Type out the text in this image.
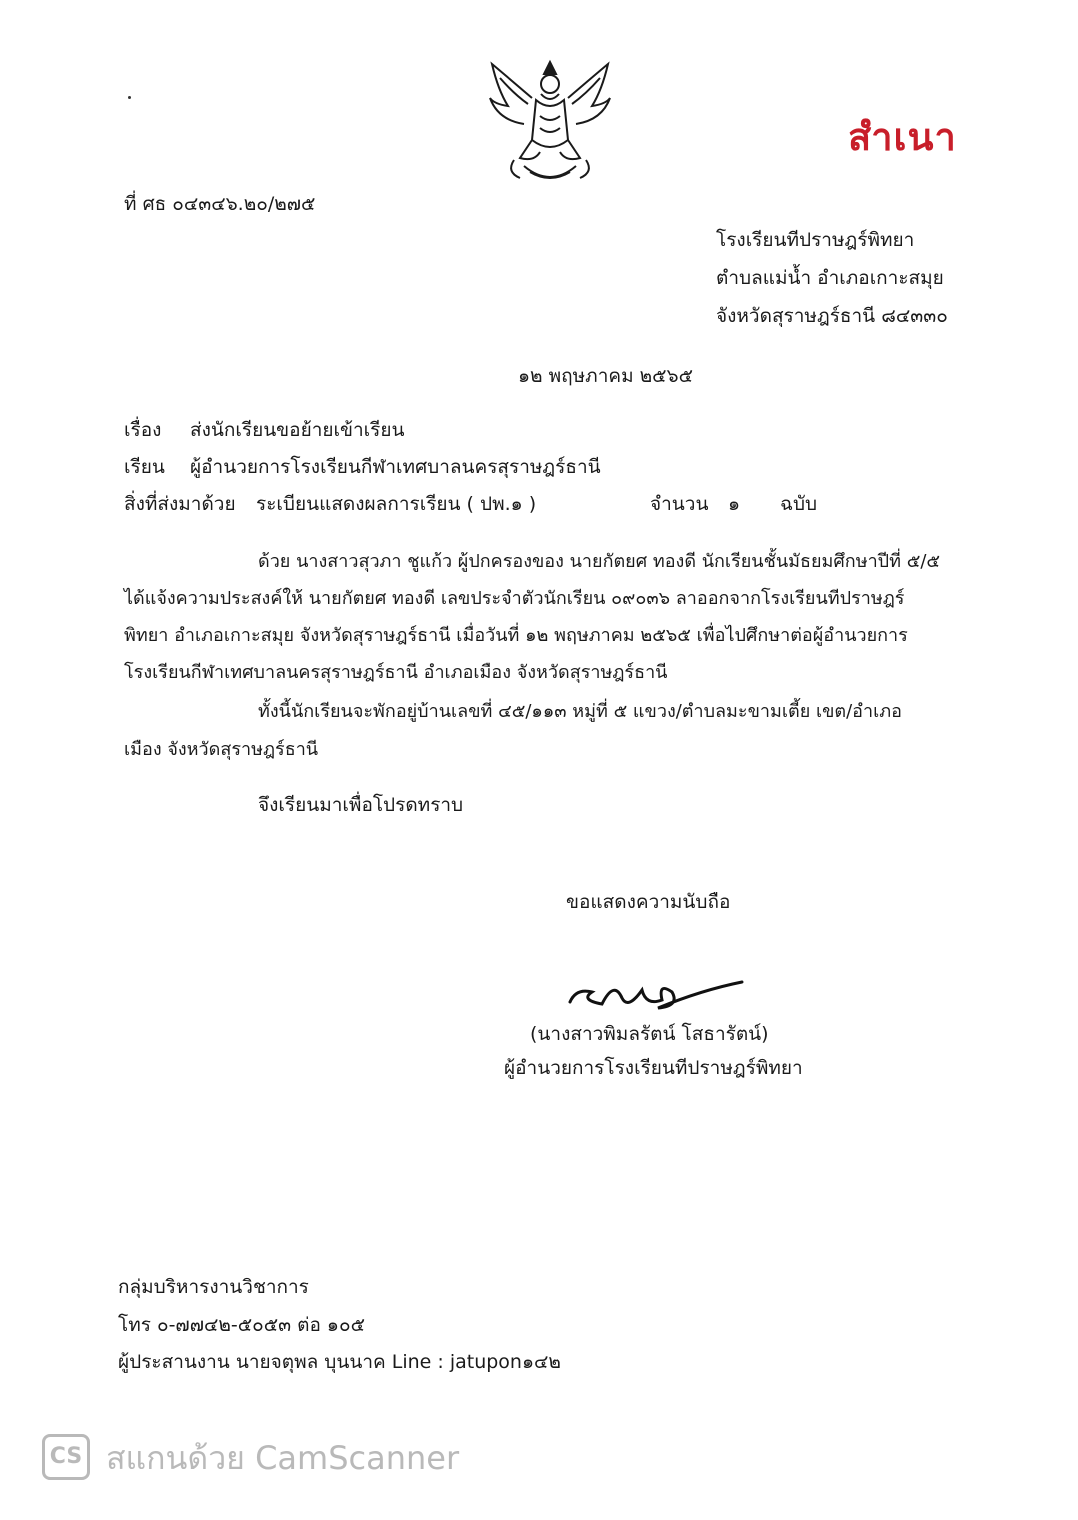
สำเนา
ที่ ศธ ๐๔๓๔๖.๒๐/๒๗๕
โรงเรียนทีปราษฎร์พิทยา
ตำบลแม่น้ำ อำเภอเกาะสมุย
จังหวัดสุราษฎร์ธานี ๘๔๓๓๐
๑๒ พฤษภาคม ๒๕๖๕
เรื่อง ส่งนักเรียนขอย้ายเข้าเรียน
เรียน ผู้อำนวยการโรงเรียนกีฬาเทศบาลนครสุราษฎร์ธานี
สิ่งที่ส่งมาด้วย ระเบียนแสดงผลการเรียน ( ปพ.๑ )	จำนวน ๑ ฉบับ
ด้วย นางสาวสุวภา ชูแก้ว ผู้ปกครองของ นายกัตยศ ทองดี นักเรียนชั้นมัธยมศึกษาปีที่ ๕/๕
ได้แจ้งความประสงค์ให้ นายกัตยศ ทองดี เลขประจำตัวนักเรียน ๐๙๐๓๖ ลาออกจากโรงเรียนทีปราษฎร์
พิทยา อำเภอเกาะสมุย จังหวัดสุราษฎร์ธานี เมื่อวันที่ ๑๒ พฤษภาคม ๒๕๖๕ เพื่อไปศึกษาต่อผู้อำนวยการ
โรงเรียนกีฬาเทศบาลนครสุราษฎร์ธานี อำเภอเมือง จังหวัดสุราษฎร์ธานี
ทั้งนี้นักเรียนจะพักอยู่บ้านเลขที่ ๔๕/๑๑๓ หมู่ที่ ๕ แขวง/ตำบลมะขามเตี้ย เขต/อำเภอ
เมือง จังหวัดสุราษฎร์ธานี
จึงเรียนมาเพื่อโปรดทราบ
ขอแสดงความนับถือ
(นางสาวพิมลรัตน์ โสธารัตน์)
ผู้อำนวยการโรงเรียนทีปราษฎร์พิทยา
กลุ่มบริหารงานวิชาการ
โทร ๐-๗๗๔๒-๕๐๕๓ ต่อ ๑๐๕
ผู้ประสานงาน นายจตุพล บุนนาค Line : jatupon๑๔๒
CS สแกนด้วย CamScanner
